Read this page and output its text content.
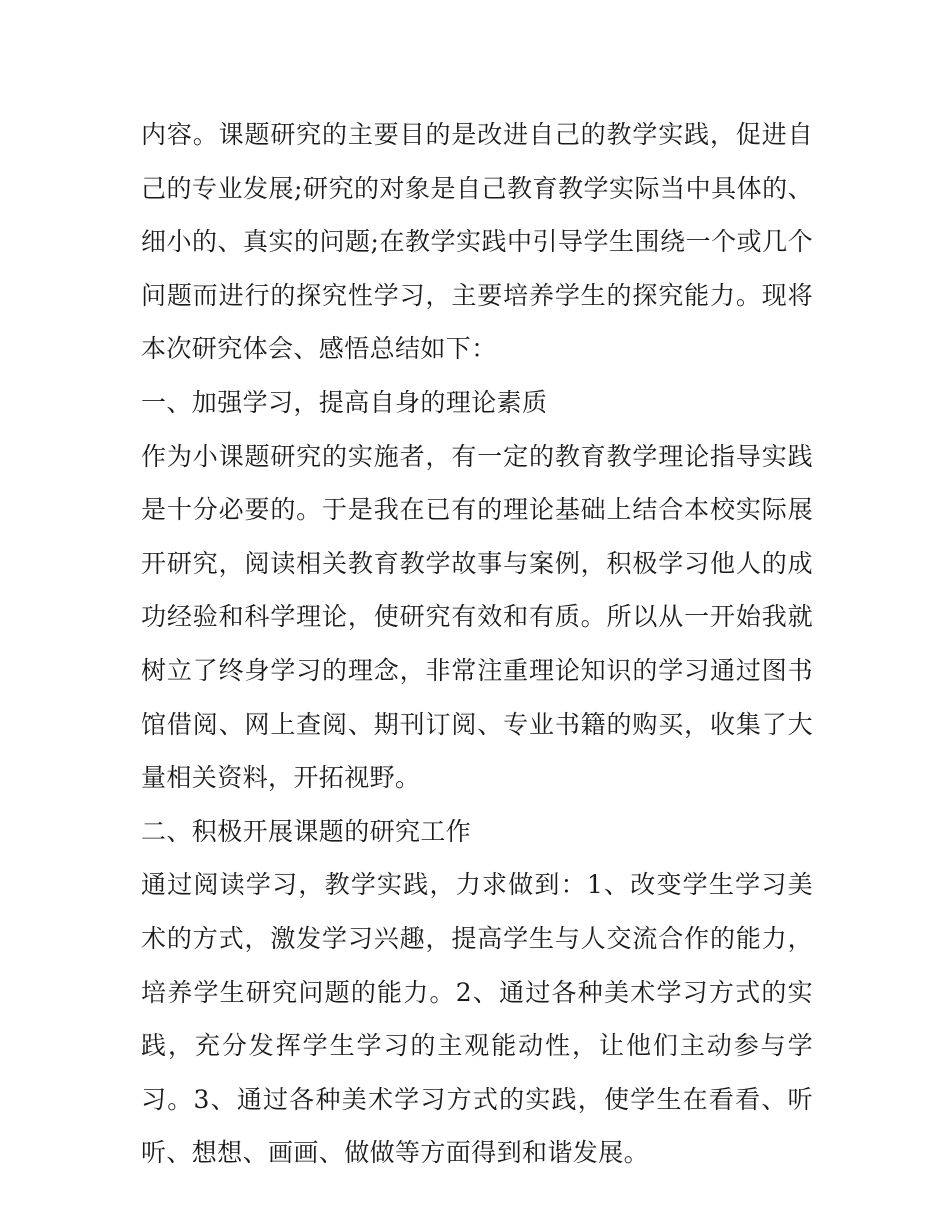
内容。课题研究的主要目的是改进自己的教学实践，促进自己的专业发展;研究的对象是自己教育教学实际当中具体的、细小的、真实的问题;在教学实践中引导学生围绕一个或几个问题而进行的探究性学习，主要培养学生的探究能力。现将本次研究体会、感悟总结如下：

一、加强学习，提高自身的理论素质

作为小课题研究的实施者，有一定的教育教学理论指导实践是十分必要的。于是我在已有的理论基础上结合本校实际展开研究，阅读相关教育教学故事与案例，积极学习他人的成功经验和科学理论，使研究有效和有质。所以从一开始我就树立了终身学习的理念，非常注重理论知识的学习通过图书馆借阅、网上查阅、期刊订阅、专业书籍的购买，收集了大量相关资料，开拓视野。

二、积极开展课题的研究工作

通过阅读学习，教学实践，力求做到：1、改变学生学习美术的方式，激发学习兴趣，提高学生与人交流合作的能力，培养学生研究问题的能力。2、通过各种美术学习方式的实践，充分发挥学生学习的主观能动性，让他们主动参与学习。3、通过各种美术学习方式的实践，使学生在看看、听听、想想、画画、做做等方面得到和谐发展。
